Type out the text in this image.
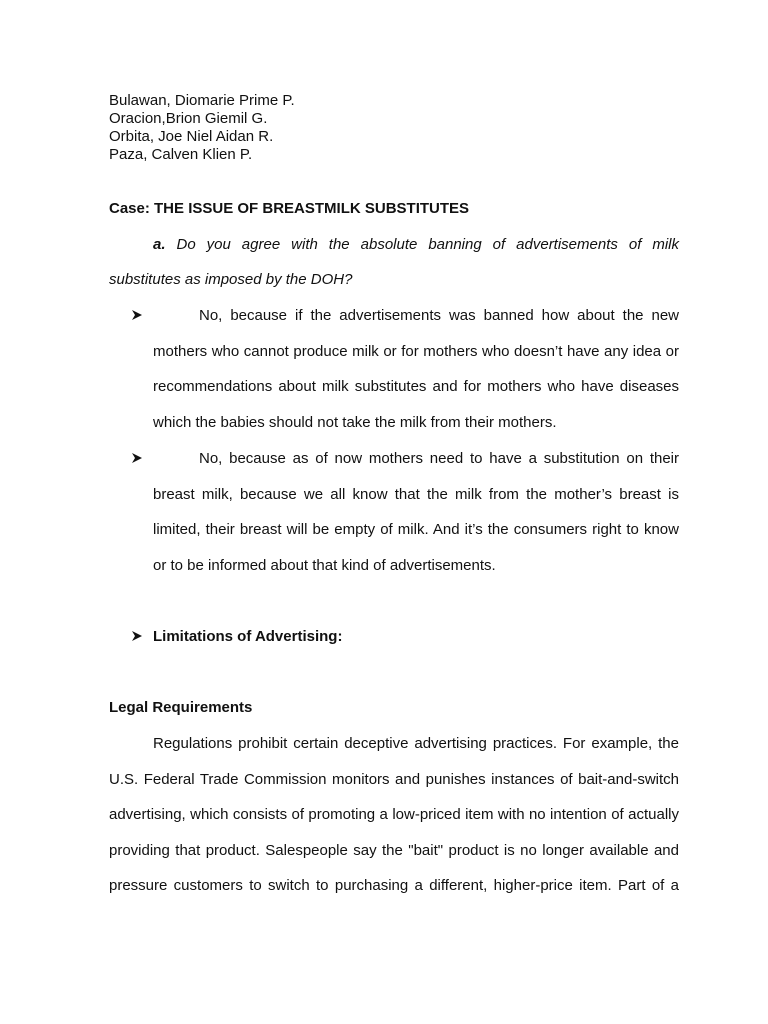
Bulawan, Diomarie Prime P.
Oracion,Brion Giemil G.
Orbita, Joe Niel Aidan R.
Paza, Calven Klien P.
Case: THE ISSUE OF BREASTMILK SUBSTITUTES
a. Do you agree with the absolute banning of advertisements of milk
substitutes as imposed by the DOH?
No, because if the advertisements was banned how about the new
mothers who cannot produce milk or for mothers who doesn’t have any idea or
recommendations about milk substitutes and for mothers who have diseases
which the babies should not take the milk from their mothers.
No, because as of now mothers need to have a substitution on their
breast milk, because we all know that the milk from the mother’s breast is
limited, their breast will be empty of milk. And it’s the consumers right to know
or to be informed about that kind of advertisements.
Limitations of Advertising:
Legal Requirements
Regulations prohibit certain deceptive advertising practices. For example, the
U.S. Federal Trade Commission monitors and punishes instances of bait-and-switch
advertising, which consists of promoting a low-priced item with no intention of actually
providing that product. Salespeople say the "bait" product is no longer available and
pressure customers to switch to purchasing a different, higher-price item. Part of a
